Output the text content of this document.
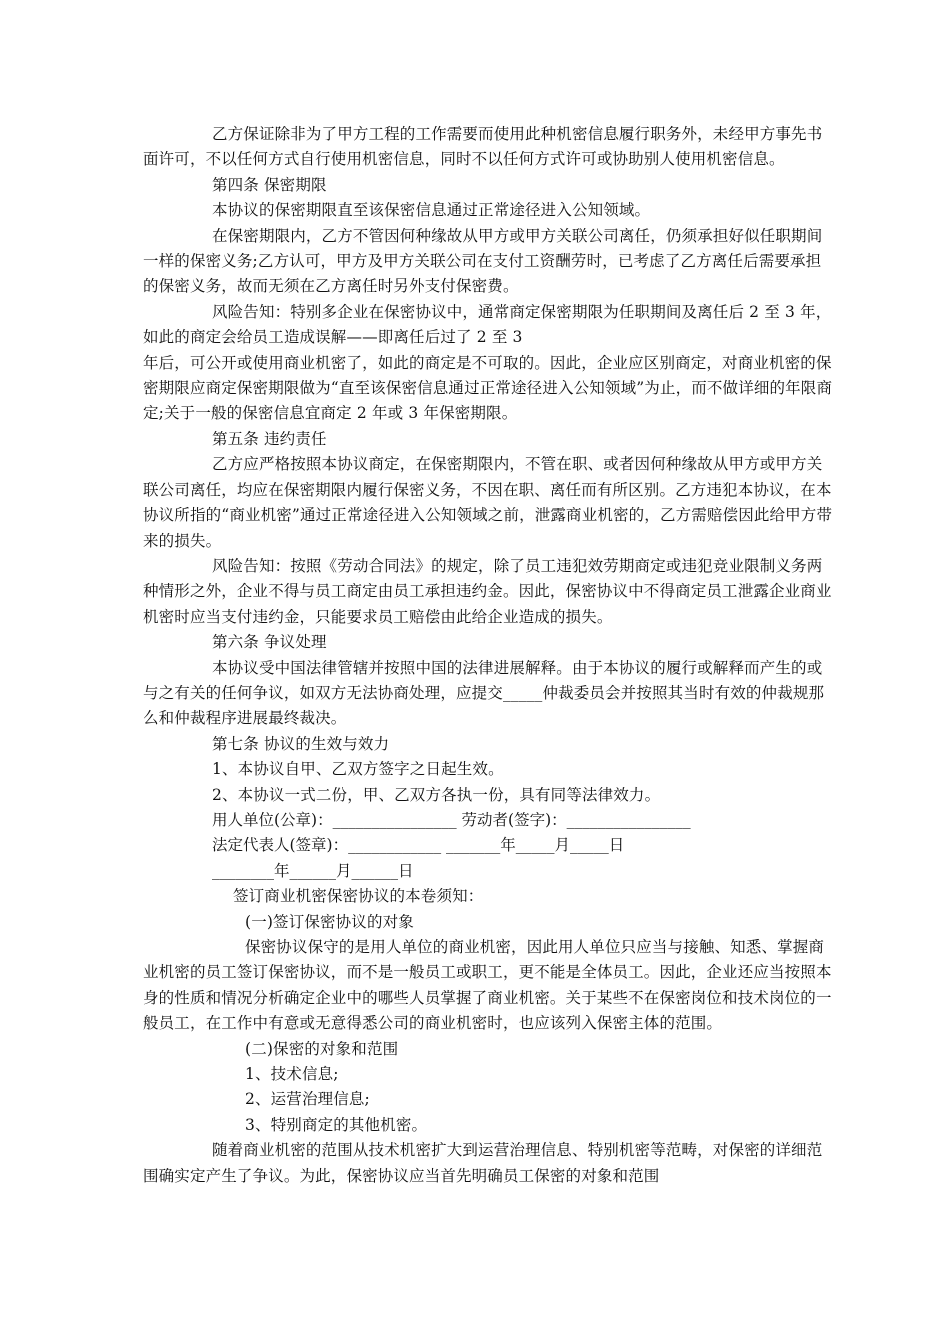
乙方保证除非为了甲方工程的工作需要而使用此种机密信息履行职务外，未经甲方事先书面许可，不以任何方式自行使用机密信息，同时不以任何方式许可或协助别人使用机密信息。

第四条 保密期限

本协议的保密期限直至该保密信息通过正常途径进入公知领域。

在保密期限内，乙方不管因何种缘故从甲方或甲方关联公司离任，仍须承担好似任职期间一样的保密义务;乙方认可，甲方及甲方关联公司在支付工资酬劳时，已考虑了乙方离任后需要承担的保密义务，故而无须在乙方离任时另外支付保密费。

风险告知：特别多企业在保密协议中，通常商定保密期限为任职期间及离任后 2 至 3 年，如此的商定会给员工造成误解——即离任后过了 2 至 3

年后，可公开或使用商业机密了，如此的商定是不可取的。因此，企业应区别商定，对商业机密的保密期限应商定保密期限做为“直至该保密信息通过正常途径进入公知领域”为止，而不做详细的年限商定;关于一般的保密信息宜商定 2 年或 3 年保密期限。

第五条 违约责任

乙方应严格按照本协议商定，在保密期限内，不管在职、或者因何种缘故从甲方或甲方关联公司离任，均应在保密期限内履行保密义务，不因在职、离任而有所区别。乙方违犯本协议，在本协议所指的“商业机密”通过正常途径进入公知领域之前，泄露商业机密的，乙方需赔偿因此给甲方带来的损失。

风险告知：按照《劳动合同法》的规定，除了员工违犯效劳期商定或违犯竞业限制义务两种情形之外，企业不得与员工商定由员工承担违约金。因此，保密协议中不得商定员工泄露企业商业机密时应当支付违约金，只能要求员工赔偿由此给企业造成的损失。

第六条 争议处理

本协议受中国法律管辖并按照中国的法律进展解释。由于本协议的履行或解释而产生的或与之有关的任何争议，如双方无法协商处理，应提交_____仲裁委员会并按照其当时有效的仲裁规那么和仲裁程序进展最终裁决。

第七条 协议的生效与效力

1、本协议自甲、乙双方签字之日起生效。

2、本协议一式二份，甲、乙双方各执一份，具有同等法律效力。

用人单位(公章)：________________ 劳动者(签字)：________________

法定代表人(签章)：____________ _______年_____月_____日

________年______月______日

签订商业机密保密协议的本卷须知：

(一)签订保密协议的对象

保密协议保守的是用人单位的商业机密，因此用人单位只应当与接触、知悉、掌握商业机密的员工签订保密协议，而不是一般员工或职工，更不能是全体员工。因此，企业还应当按照本身的性质和情况分析确定企业中的哪些人员掌握了商业机密。关于某些不在保密岗位和技术岗位的一般员工，在工作中有意或无意得悉公司的商业机密时，也应该列入保密主体的范围。

(二)保密的对象和范围

1、技术信息;

2、运营治理信息;

3、特别商定的其他机密。

随着商业机密的范围从技术机密扩大到运营治理信息、特别机密等范畴，对保密的详细范围确实定产生了争议。为此，保密协议应当首先明确员工保密的对象和范围
